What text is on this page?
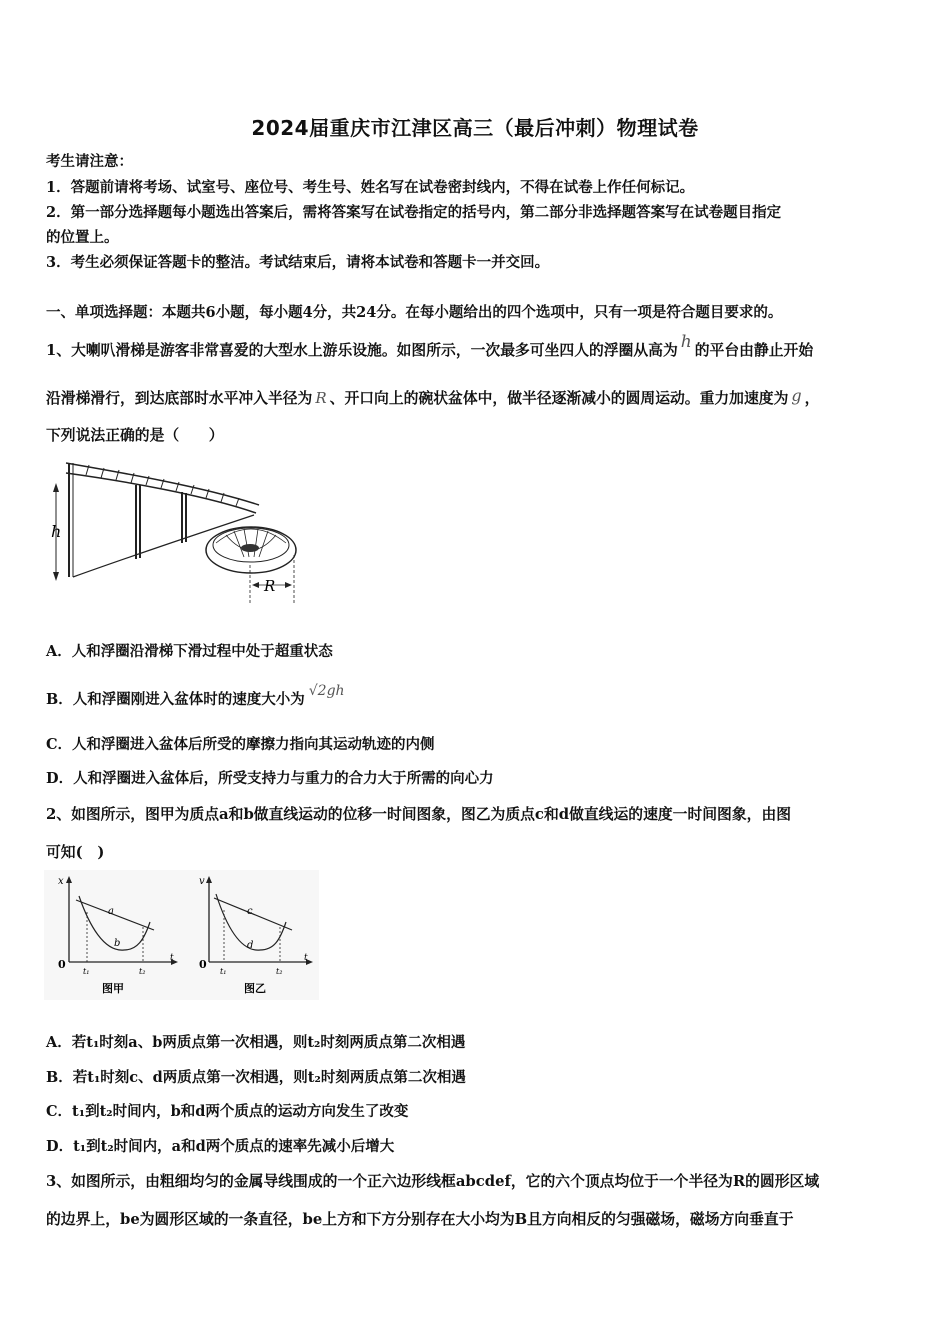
2024届重庆市江津区高三（最后冲刺）物理试卷
考生请注意：
1．答题前请将考场、试室号、座位号、考生号、姓名写在试卷密封线内，不得在试卷上作任何标记。
2．第一部分选择题每小题选出答案后，需将答案写在试卷指定的括号内，第二部分非选择题答案写在试卷题目指定
的位置上。
3．考生必须保证答题卡的整洁。考试结束后，请将本试卷和答题卡一并交回。
一、单项选择题：本题共6小题，每小题4分，共24分。在每小题给出的四个选项中，只有一项是符合题目要求的。
1、大喇叭滑梯是游客非常喜爱的大型水上游乐设施。如图所示，一次最多可坐四人的浮圈从高为 h 的平台由静止开始
沿滑梯滑行，到达底部时水平冲入半径为 R 、开口向上的碗状盆体中，做半径逐渐减小的圆周运动。重力加速度为 g ，
下列说法正确的是（　　）
h
R
A．人和浮圈沿滑梯下滑过程中处于超重状态
B．人和浮圈刚进入盆体时的速度大小为 √2gh
C．人和浮圈进入盆体后所受的摩擦力指向其运动轨迹的内侧
D．人和浮圈进入盆体后，所受支持力与重力的合力大于所需的向心力
2、如图所示，图甲为质点a和b做直线运动的位移一时间图象，图乙为质点c和d做直线运的速度一时间图象，由图
可知(　)
x
0
a
b
t₁	t₂
t
图甲
v
0
c
d
t₁	t₂
t
图乙
A．若t₁时刻a、b两质点第一次相遇，则t₂时刻两质点第二次相遇
B．若t₁时刻c、d两质点第一次相遇，则t₂时刻两质点第二次相遇
C．t₁到t₂时间内，b和d两个质点的运动方向发生了改变
D．t₁到t₂时间内，a和d两个质点的速率先减小后增大
3、如图所示，由粗细均匀的金属导线围成的一个正六边形线框abcdef，它的六个顶点均位于一个半径为R的圆形区域
的边界上，be为圆形区域的一条直径，be上方和下方分别存在大小均为B且方向相反的匀强磁场，磁场方向垂直于
